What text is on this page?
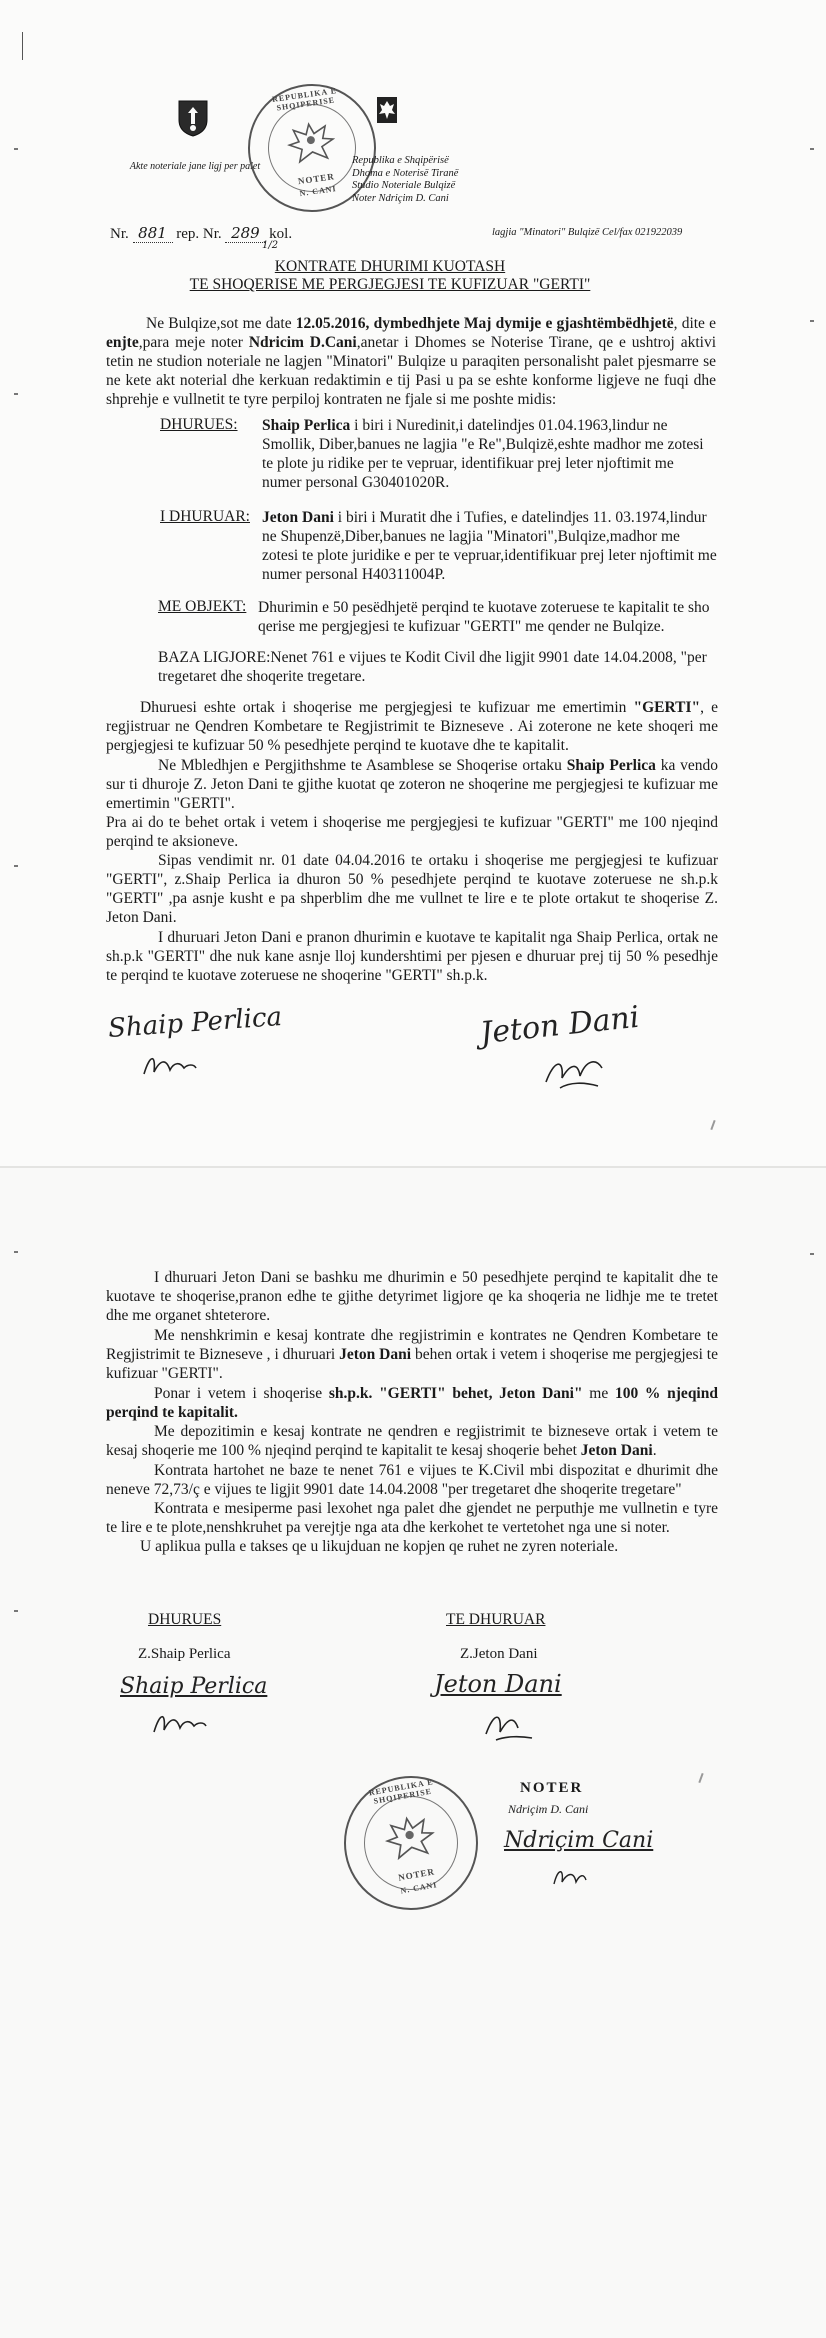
Akte noteriale jane ligj per palet
REPUBLIKA E SHQIPERISE
NOTER
N. CANI
Republika e Shqipërisë
Dhoma e Noterisë Tiranë
Studio Noteriale Bulqizë
Noter Ndriçim D. Cani
Nr. 881 rep. Nr. 289 kol.	lagjia "Minatori" Bulqizë Cel/fax 021922039
1/2
KONTRATE DHURIMI KUOTASH
TE SHOQERISE ME PERGJEGJESI TE KUFIZUAR "GERTI"
Ne Bulqize,sot me date 12.05.2016, dymbedhjete Maj dymije e gjashtëmbëdhjetë, dite e enjte,para meje noter Ndricim D.Cani,anetar i Dhomes se Noterise Tirane, qe e ushtroj aktivi tetin ne studion noteriale ne lagjen "Minatori" Bulqize u paraqiten personalisht palet pjesmarre se ne kete akt noterial dhe kerkuan redaktimin e tij Pasi u pa se eshte konforme ligjeve ne fuqi dhe shprehje e vullnetit te tyre perpiloj kontraten ne fjale si me poshte midis:
DHURUES: Shaip Perlica i biri i Nuredinit,i datelindjes 01.04.1963,lindur ne Smollik, Diber,banues ne lagjia "e Re",Bulqizë,eshte madhor me zotesi te plote ju ridike per te vepruar, identifikuar prej leter njoftimit me numer personal G30401020R.
I DHURUAR: Jeton Dani i biri i Muratit dhe i Tufies, e datelindjes 11. 03.1974,lindur ne Shupenzë,Diber,banues ne lagjia "Minatori",Bulqize,madhor me zotesi te plote juridike e per te vepruar,identifikuar prej leter njoftimit me numer personal H40311004P.
ME OBJEKT: Dhurimin e 50 pesëdhjetë perqind te kuotave zoteruese te kapitalit te sho qerise me pergjegjesi te kufizuar "GERTI" me qender ne Bulqize.
BAZA LIGJORE:Nenet 761 e vijues te Kodit Civil dhe ligjit 9901 date 14.04.2008, "per tregetaret dhe shoqerite tregetare.
Dhuruesi eshte ortak i shoqerise me pergjegjesi te kufizuar me emertimin "GERTI", e regjistruar ne Qendren Kombetare te Regjistrimit te Bizneseve . Ai zoterone ne kete shoqeri me pergjegjesi te kufizuar 50 % pesedhjete perqind te kuotave dhe te kapitalit.
Ne Mbledhjen e Pergjithshme te Asamblese se Shoqerise ortaku Shaip Perlica ka vendo sur ti dhuroje Z. Jeton Dani te gjithe kuotat qe zoteron ne shoqerine me pergjegjesi te kufizuar me emertimin "GERTI".
Pra ai do te behet ortak i vetem i shoqerise me pergjegjesi te kufizuar "GERTI" me 100 njeqind perqind te aksioneve.
Sipas vendimit nr. 01 date 04.04.2016 te ortaku i shoqerise me pergjegjesi te kufizuar "GERTI", z.Shaip Perlica ia dhuron 50 % pesedhjete perqind te kuotave zoteruese ne sh.p.k "GERTI" ,pa asnje kusht e pa shperblim dhe me vullnet te lire e te plote ortakut te shoqerise Z. Jeton Dani.
I dhuruari Jeton Dani e pranon dhurimin e kuotave te kapitalit nga Shaip Perlica, ortak ne sh.p.k "GERTI" dhe nuk kane asnje lloj kundershtimi per pjesen e dhuruar prej tij 50 % pesedhje te perqind te kuotave zoteruese ne shoqerine "GERTI" sh.p.k.
Shaip Perlica	Jeton Dani
I dhuruari Jeton Dani se bashku me dhurimin e 50 pesedhjete perqind te kapitalit dhe te kuotave te shoqerise,pranon edhe te gjithe detyrimet ligjore qe ka shoqeria ne lidhje me te tretet dhe me organet shteterore.
Me nenshkrimin e kesaj kontrate dhe regjistrimin e kontrates ne Qendren Kombetare te Regjistrimit te Bizneseve , i dhuruari Jeton Dani behen ortak i vetem i shoqerise me pergjegjesi te kufizuar "GERTI".
Ponar i vetem i shoqerise sh.p.k. "GERTI" behet, Jeton Dani" me 100 % njeqind perqind te kapitalit.
Me depozitimin e kesaj kontrate ne qendren e regjistrimit te bizneseve ortak i vetem te kesaj shoqerie me 100 % njeqind perqind te kapitalit te kesaj shoqerie behet Jeton Dani.
Kontrata hartohet ne baze te nenet 761 e vijues te K.Civil mbi dispozitat e dhurimit dhe neneve 72,73/ç e vijues te ligjit 9901 date 14.04.2008 "per tregetaret dhe shoqerite tregetare"
Kontrata e mesiperme pasi lexohet nga palet dhe gjendet ne perputhje me vullnetin e tyre te lire e te plote,nenshkruhet pa verejtje nga ata dhe kerkohet te vertetohet nga une si noter.
U aplikua pulla e takses qe u likujduan ne kopjen qe ruhet ne zyren noteriale.
DHURUES
Z.Shaip Perlica
Shaip Perlica
TE DHURUAR
Z.Jeton Dani
Jeton Dani
REPUBLIKA E SHQIPERISE
NOTER
N. CANI
NOTER
Ndriçim D. Cani
Ndriçim Cani
